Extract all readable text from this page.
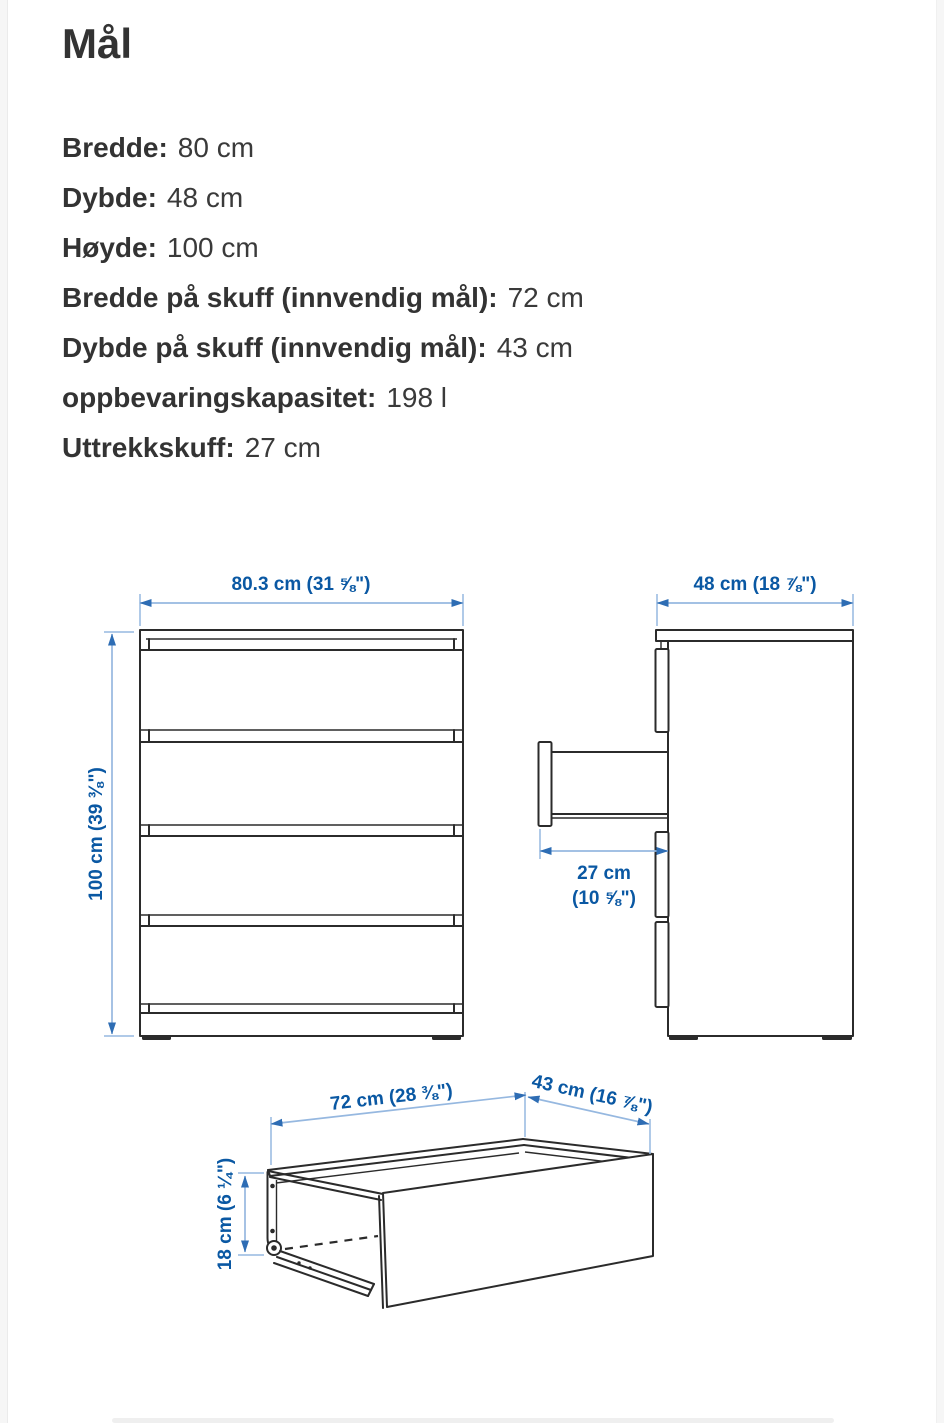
Mål
Bredde: 80 cm
Dybde: 48 cm
Høyde: 100 cm
Bredde på skuff (innvendig mål): 72 cm
Dybde på skuff (innvendig mål): 43 cm
oppbevaringskapasitet: 198 l
Uttrekkskuff: 27 cm
80.3 cm (31 ⅝")
100 cm (39 ⅜")
48 cm (18 ⅞")
27 cm
(10 ⅝")
72 cm (28 ⅜")	43 cm (16 ⅞")
18 cm (6 ¼")
